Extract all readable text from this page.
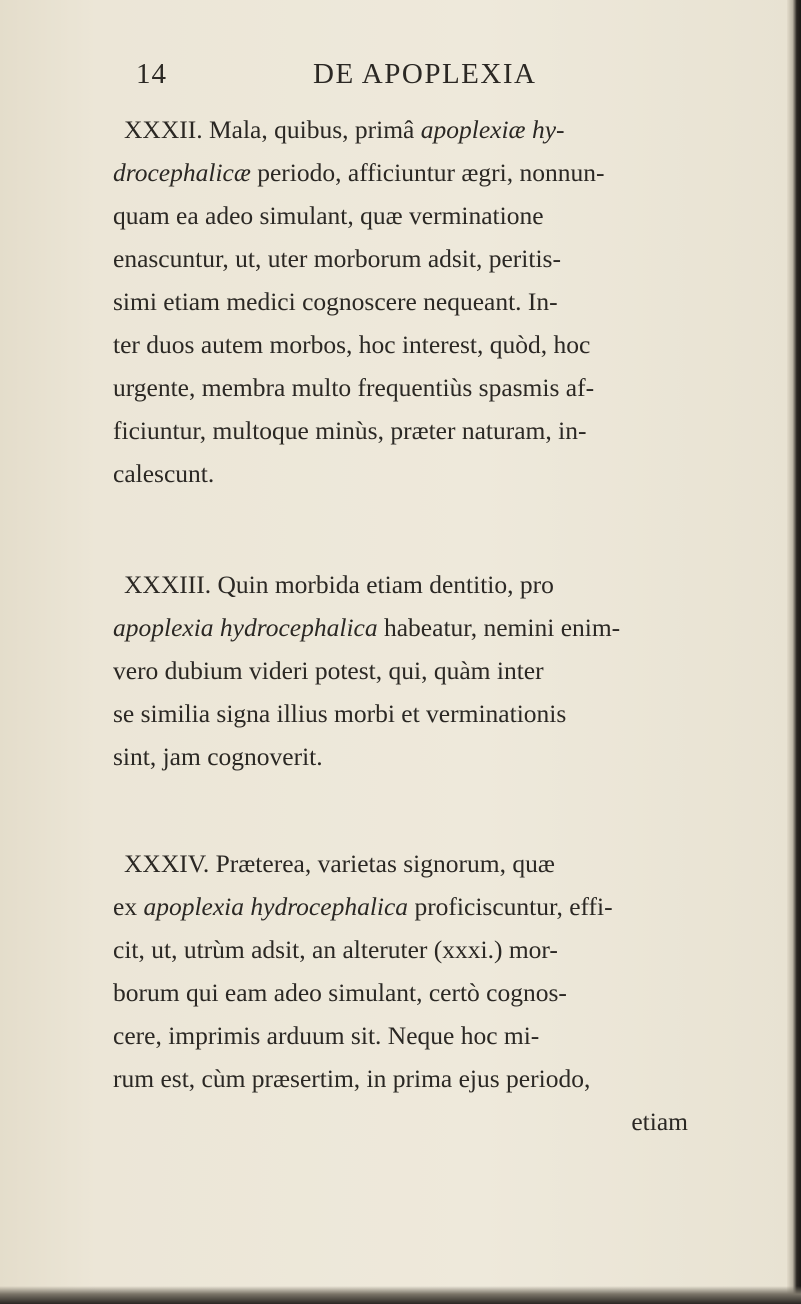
14	DE APOPLEXIA
XXXII. Mala, quibus, primâ apoplexiæ hy-
drocephalicæ periodo, afficiuntur ægri, nonnun-
quam ea adeo simulant, quæ verminatione
enascuntur, ut, uter morborum adsit, peritis-
simi etiam medici cognoscere nequeant. In-
ter duos autem morbos, hoc interest, quòd, hoc
urgente, membra multo frequentiùs spasmis af-
ficiuntur, multoque minùs, præter naturam, in-
calescunt.
XXXIII. Quin morbida etiam dentitio, pro
apoplexia hydrocephalica habeatur, nemini enim-
vero dubium videri potest, qui, quàm inter
se similia signa illius morbi et verminationis
sint, jam cognoverit.
XXXIV. Præterea, varietas signorum, quæ
ex apoplexia hydrocephalica proficiscuntur, effi-
cit, ut, utrùm adsit, an alteruter (xxxi.) mor-
borum qui eam adeo simulant, certò cognos-
cere, imprimis arduum sit. Neque hoc mi-
rum est, cùm præsertim, in prima ejus periodo,
etiam
